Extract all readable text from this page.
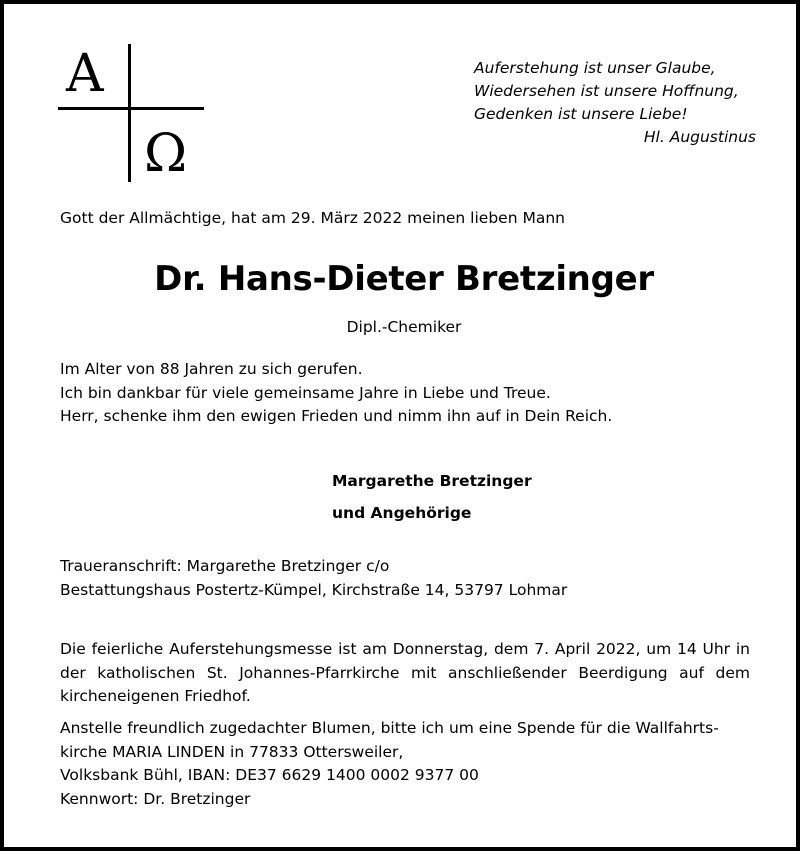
A
Ω
Auferstehung ist unser Glaube,
Wiedersehen ist unsere Hoffnung,
Gedenken ist unsere Liebe!
Hl. Augustinus
Gott der Allmächtige, hat am 29. März 2022 meinen lieben Mann
Dr. Hans-Dieter Bretzinger
Dipl.-Chemiker
Im Alter von 88 Jahren zu sich gerufen.
Ich bin dankbar für viele gemeinsame Jahre in Liebe und Treue.
Herr, schenke ihm den ewigen Frieden und nimm ihn auf in Dein Reich.
Margarethe Bretzinger
und Angehörige
Traueranschrift: Margarethe Bretzinger c/o
Bestattungshaus Postertz-Kümpel, Kirchstraße 14, 53797 Lohmar
Die feierliche Auferstehungsmesse ist am Donnerstag, dem 7. April 2022, um 14 Uhr in der katholischen St. Johannes-Pfarrkirche mit anschließender Beerdigung auf dem kircheneigenen Friedhof.
Anstelle freundlich zugedachter Blumen, bitte ich um eine Spende für die Wallfahrts-
kirche MARIA LINDEN in 77833 Ottersweiler,
Volksbank Bühl, IBAN: DE37 6629 1400 0002 9377 00
Kennwort: Dr. Bretzinger
